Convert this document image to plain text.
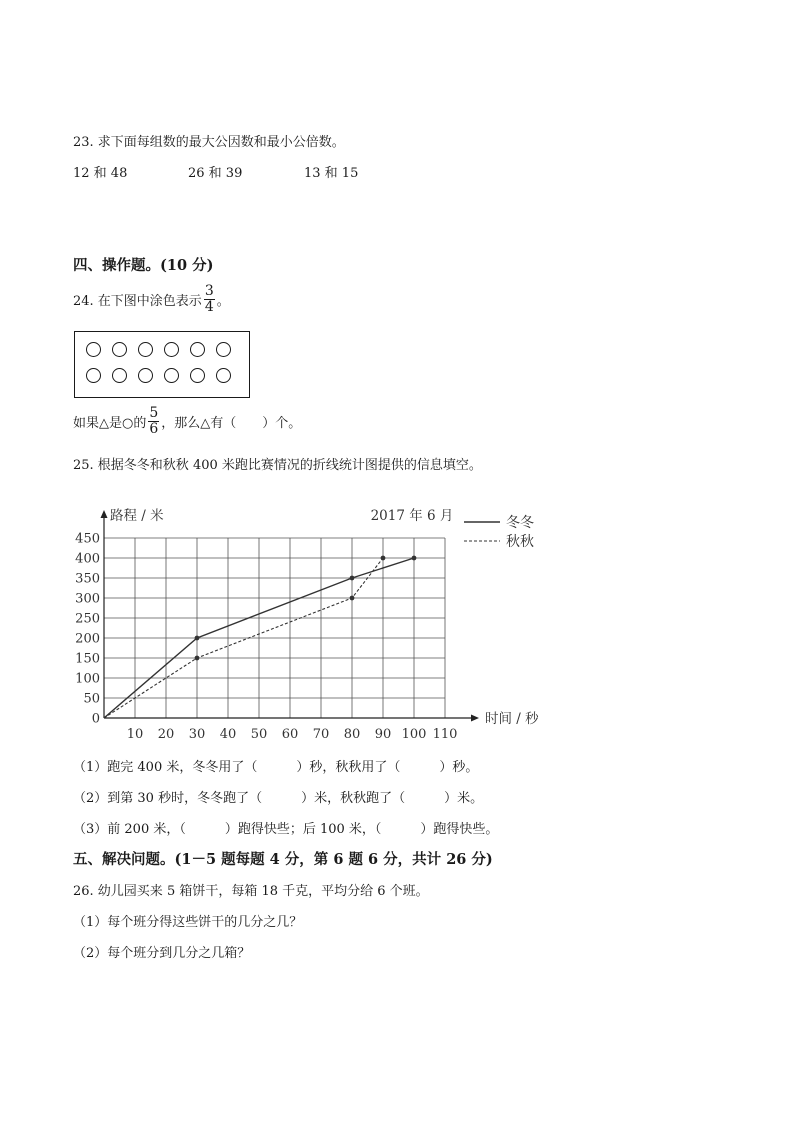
23. 求下面每组数的最大公因数和最小公倍数。
12 和 48	26 和 39	13 和 15
四、操作题。(10 分)
24. 在下图中涂色表示 $\frac{3}{4}$ 。
如果△是○的 $\frac{5}{6}$ ，那么△有（　　）个。
25. 根据冬冬和秋秋 400 米跑比赛情况的折线统计图提供的信息填空。
0
50
100
150
200
250
300
350
400
450
10 20 30 40 50 60 70 80 90 100 110
路程 / 米
时间 / 秒
2017 年 6 月	冬冬
秋秋
（1）跑完 400 米，冬冬用了（　　　）秒，秋秋用了（　　　）秒。
（2）到第 30 秒时，冬冬跑了（　　　）米，秋秋跑了（　　　）米。
（3）前 200 米，（　　　）跑得快些；后 100 米，（　　　）跑得快些。
五、解决问题。(1－5 题每题 4 分，第 6 题 6 分，共计 26 分)
26. 幼儿园买来 5 箱饼干，每箱 18 千克，平均分给 6 个班。
（1）每个班分得这些饼干的几分之几？
（2）每个班分到几分之几箱？
